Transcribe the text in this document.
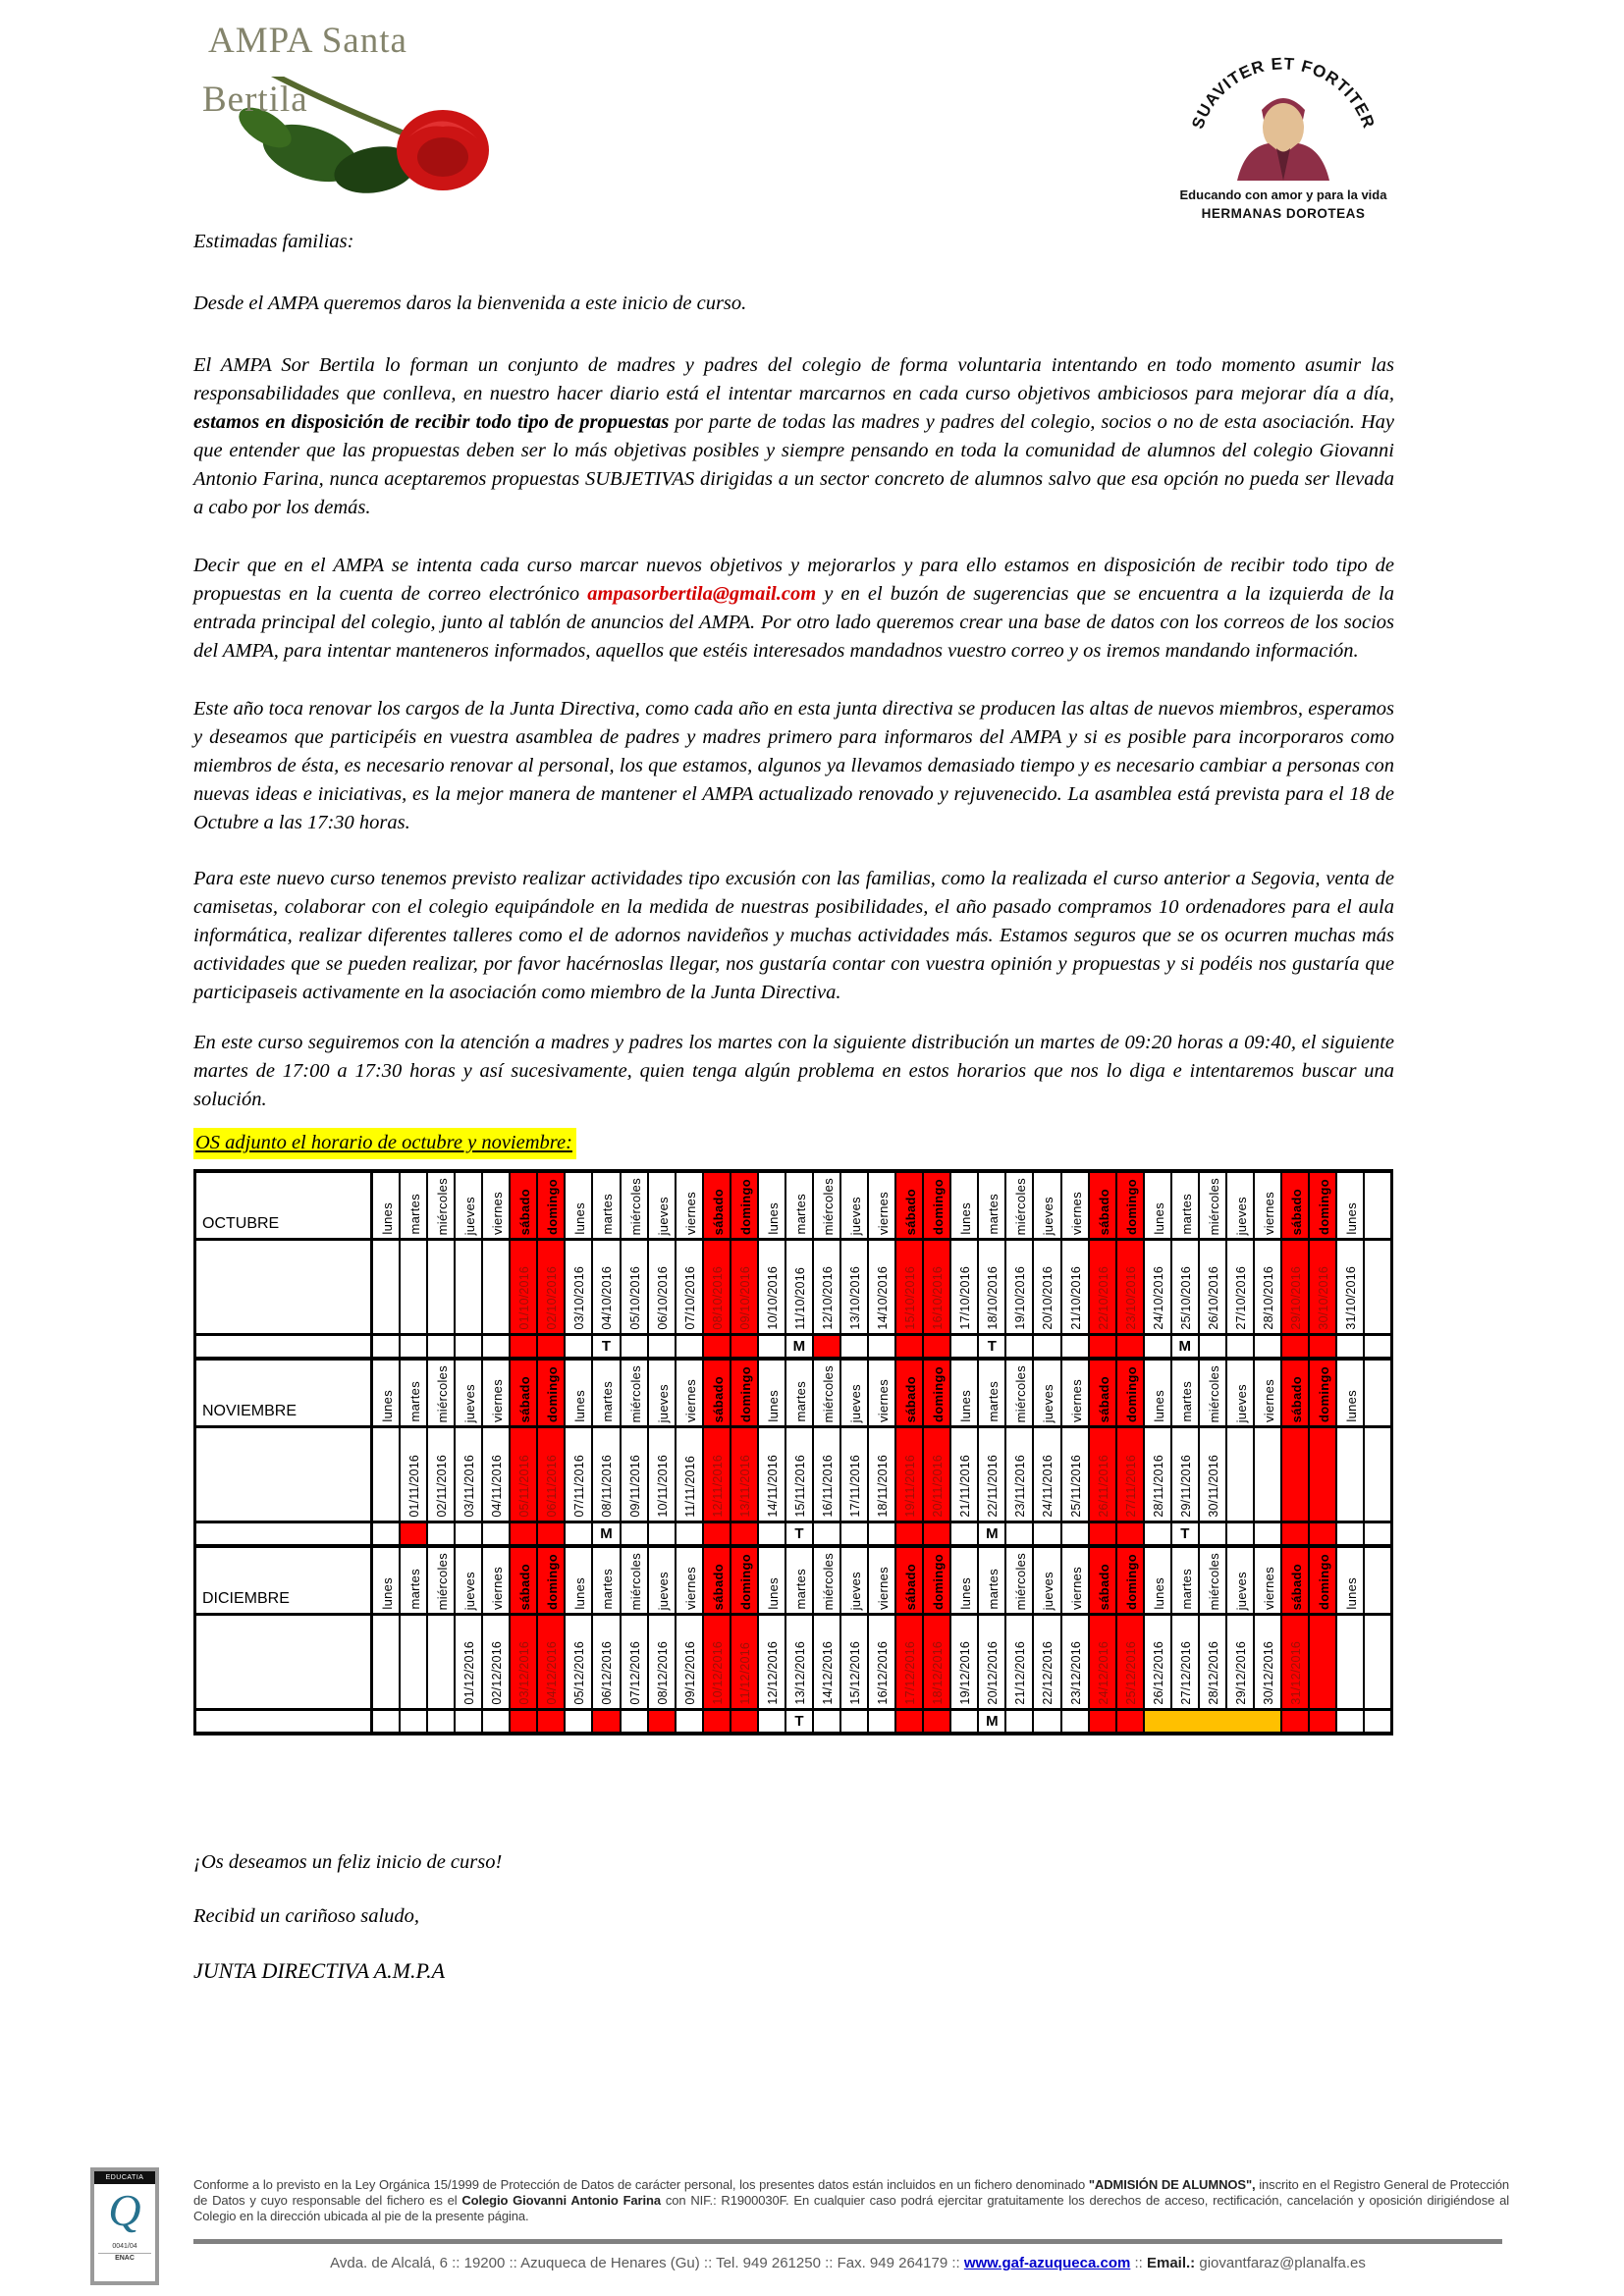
AMPA Santa
Bertila
SUAVITER ET FORTITER
Educando con amor y para la vida
HERMANAS DOROTEAS

Estimadas familias:

Desde el AMPA queremos daros la bienvenida a este inicio de curso.

El AMPA Sor Bertila lo forman un conjunto de madres y padres del colegio de forma voluntaria intentando en todo momento asumir las responsabilidades que conlleva, en nuestro hacer diario está el intentar marcarnos en cada curso objetivos ambiciosos para mejorar día a día, estamos en disposición de recibir todo tipo de propuestas por parte de todas las madres y padres del colegio, socios o no de esta asociación. Hay que entender que las propuestas deben ser lo más objetivas posibles y siempre pensando en toda la comunidad de alumnos del colegio Giovanni Antonio Farina, nunca aceptaremos propuestas SUBJETIVAS dirigidas a un sector concreto de alumnos salvo que esa opción no pueda ser llevada a cabo por los demás.

Decir que en el AMPA se intenta cada curso marcar nuevos objetivos y mejorarlos y para ello estamos en disposición de recibir todo tipo de propuestas en la cuenta de correo electrónico ampasorbertila@gmail.com y en el buzón de sugerencias que se encuentra a la izquierda de la entrada principal del colegio, junto al tablón de anuncios del AMPA. Por otro lado queremos crear una base de datos con los correos de los socios del AMPA, para intentar manteneros informados, aquellos que estéis interesados mandadnos vuestro correo y os iremos mandando información.

Este año toca renovar los cargos de la Junta Directiva, como cada año en esta junta directiva se producen las altas de nuevos miembros, esperamos y deseamos que participéis en vuestra asamblea de padres y madres primero para informaros del AMPA y si es posible para incorporaros como miembros de ésta, es necesario renovar al personal, los que estamos, algunos ya llevamos demasiado tiempo y es necesario cambiar a personas con nuevas ideas e iniciativas, es la mejor manera de mantener el AMPA actualizado renovado y rejuvenecido. La asamblea está prevista para el 18 de Octubre a las 17:30 horas.

Para este nuevo curso tenemos previsto realizar actividades tipo excusión con las familias, como la realizada el curso anterior a Segovia, venta de camisetas, colaborar con el colegio equipándole en la medida de nuestras posibilidades, el año pasado compramos 10 ordenadores para el aula informática, realizar diferentes talleres como el de adornos navideños y muchas actividades más. Estamos seguros que se os ocurren muchas más actividades que se pueden realizar, por favor hacérnoslas llegar, nos gustaría contar con vuestra opinión y propuestas y si podéis nos gustaría que participaseis activamente en la asociación como miembro de la Junta Directiva.

En este curso seguiremos con la atención a madres y padres los martes con la siguiente distribución un martes de 09:20 horas a 09:40, el siguiente martes de 17:00 a 17:30 horas y así sucesivamente, quien tenga algún problema en estos horarios que nos lo diga e intentaremos buscar una solución.

OS adjunto el horario de octubre y noviembre:
OCTUBRE	lunes	martes	miércoles	jueves	viernes	sábado	domingo	lunes	martes	miércoles	jueves	viernes	sábado	domingo	lunes	martes	miércoles	jueves	viernes	sábado	domingo	lunes	martes	miércoles	jueves	viernes	sábado	domingo	lunes	martes	miércoles	jueves	viernes	sábado	domingo	lunes	

						01/10/2016	02/10/2016	03/10/2016	04/10/2016	05/10/2016	06/10/2016	07/10/2016	08/10/2016	09/10/2016	10/10/2016	11/10/2016	12/10/2016	13/10/2016	14/10/2016	15/10/2016	16/10/2016	17/10/2016	18/10/2016	19/10/2016	20/10/2016	21/10/2016	22/10/2016	23/10/2016	24/10/2016	25/10/2016	26/10/2016	27/10/2016	28/10/2016	29/10/2016	30/10/2016	31/10/2016	

									T							M							T							M							
NOVIEMBRE	lunes	martes	miércoles	jueves	viernes	sábado	domingo	lunes	martes	miércoles	jueves	viernes	sábado	domingo	lunes	martes	miércoles	jueves	viernes	sábado	domingo	lunes	martes	miércoles	jueves	viernes	sábado	domingo	lunes	martes	miércoles	jueves	viernes	sábado	domingo	lunes	

		01/11/2016	02/11/2016	03/11/2016	04/11/2016	05/11/2016	06/11/2016	07/11/2016	08/11/2016	09/11/2016	10/11/2016	11/11/2016	12/11/2016	13/11/2016	14/11/2016	15/11/2016	16/11/2016	17/11/2016	18/11/2016	19/11/2016	20/11/2016	21/11/2016	22/11/2016	23/11/2016	24/11/2016	25/11/2016	26/11/2016	27/11/2016	28/11/2016	29/11/2016	30/11/2016						

									M							T							M							T							
DICIEMBRE	lunes	martes	miércoles	jueves	viernes	sábado	domingo	lunes	martes	miércoles	jueves	viernes	sábado	domingo	lunes	martes	miércoles	jueves	viernes	sábado	domingo	lunes	martes	miércoles	jueves	viernes	sábado	domingo	lunes	martes	miércoles	jueves	viernes	sábado	domingo	lunes	

				01/12/2016	02/12/2016	03/12/2016	04/12/2016	05/12/2016	06/12/2016	07/12/2016	08/12/2016	09/12/2016	10/12/2016	11/12/2016	12/12/2016	13/12/2016	14/12/2016	15/12/2016	16/12/2016	17/12/2016	18/12/2016	19/12/2016	20/12/2016	21/12/2016	22/12/2016	23/12/2016	24/12/2016	25/12/2016	26/12/2016	27/12/2016	28/12/2016	29/12/2016	30/12/2016	31/12/2016			

																T							M														

¡Os deseamos un feliz inicio de curso!

Recibid un cariñoso saludo,

JUNTA DIRECTIVA A.M.P.A

EDUCATIA
Q
0041/04
ENAC
Conforme a lo previsto en la Ley Orgánica 15/1999 de Protección de Datos de carácter personal, los presentes datos están incluidos en un fichero denominado "ADMISIÓN DE ALUMNOS", inscrito en el Registro General de Protección de Datos y cuyo responsable del fichero es el Colegio Giovanni Antonio Farina con NIF.: R1900030F. En cualquier caso podrá ejercitar gratuitamente los derechos de acceso, rectificación, cancelación y oposición dirigiéndose al Colegio en la dirección ubicada al pie de la presente página.
Avda. de Alcalá, 6 :: 19200 :: Azuqueca de Henares (Gu) :: Tel. 949 261250 :: Fax. 949 264179 :: www.gaf-azuqueca.com :: Email.: giovantfaraz@planalfa.es
